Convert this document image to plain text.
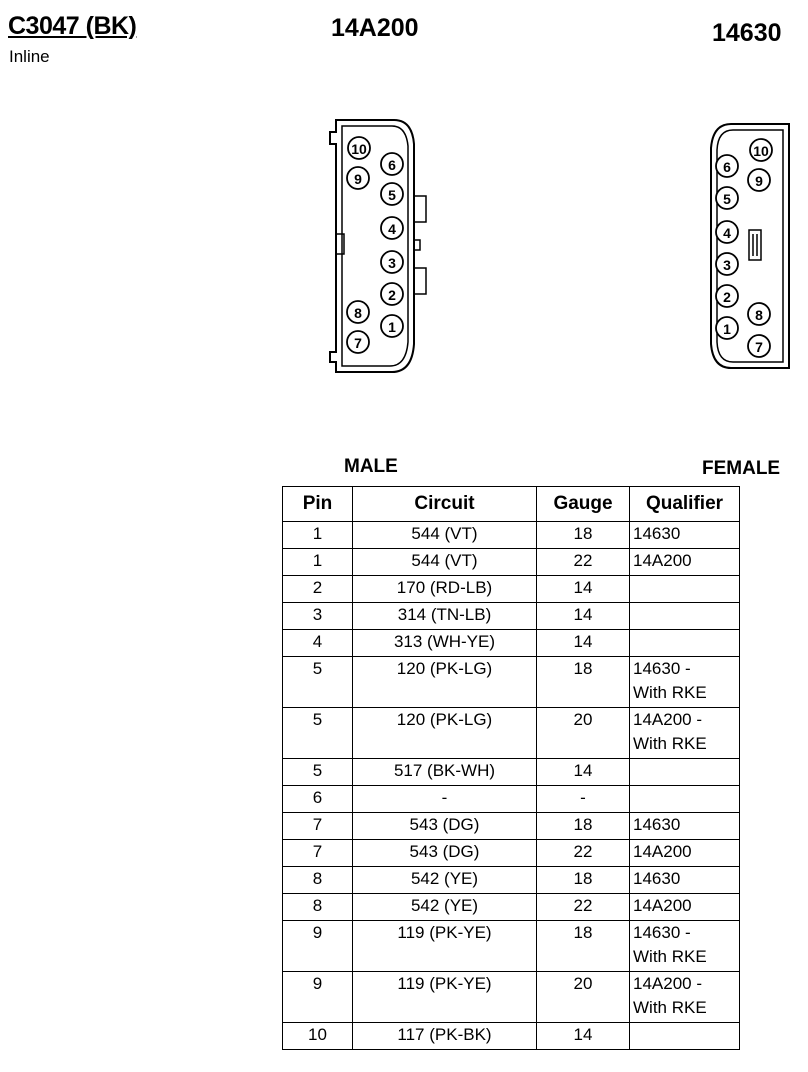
C3047 (BK)
Inline
14A200	14630
1
2
3
4
5
6
7
8
9
10
1
2
3
4
5
6
7
8
9
10
MALE	FEMALE
Pin	Circuit	Gauge	Qualifier
1	544 (VT)	18	14630
1	544 (VT)	22	14A200
2	170 (RD-LB)	14	
3	314 (TN-LB)	14	
4	313 (WH-YE)	14	
5	120 (PK-LG)	18	14630 -
With RKE
5	120 (PK-LG)	20	14A200 -
With RKE
5	517 (BK-WH)	14	
6	-	-	
7	543 (DG)	18	14630
7	543 (DG)	22	14A200
8	542 (YE)	18	14630
8	542 (YE)	22	14A200
9	119 (PK-YE)	18	14630 -
With RKE
9	119 (PK-YE)	20	14A200 -
With RKE
10	117 (PK-BK)	14	
